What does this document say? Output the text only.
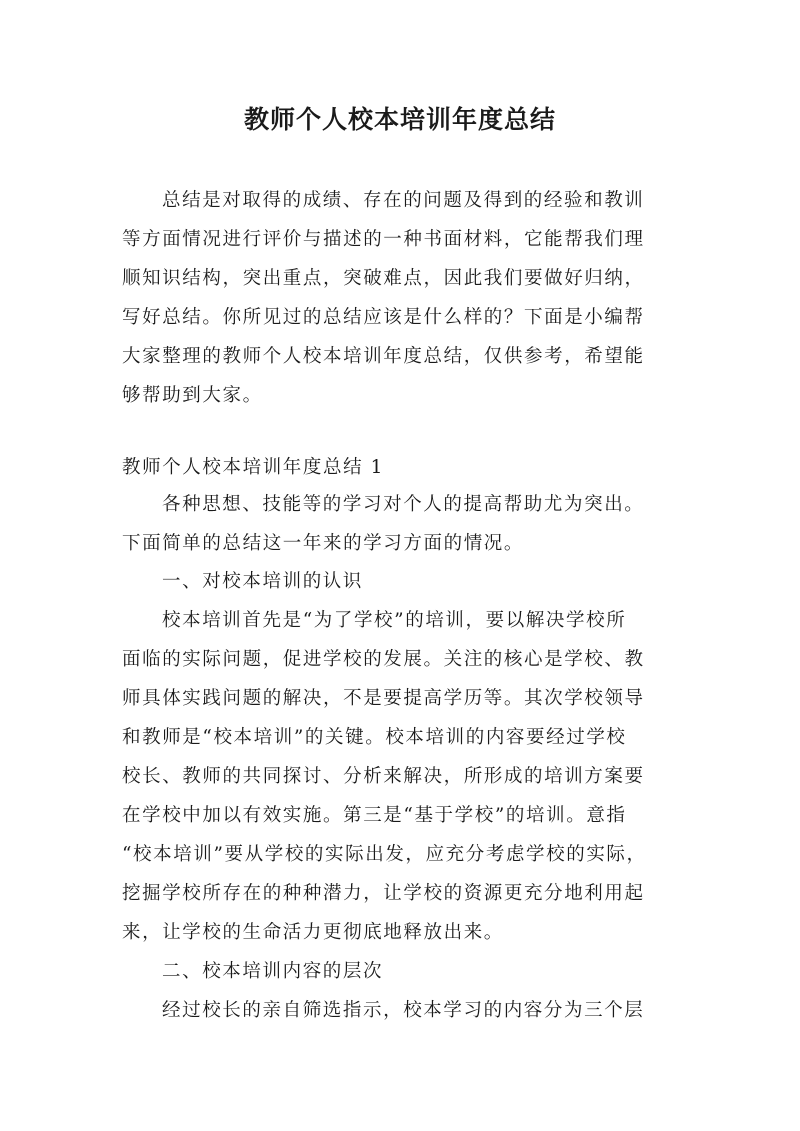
教师个人校本培训年度总结

总结是对取得的成绩、存在的问题及得到的经验和教训

等方面情况进行评价与描述的一种书面材料，它能帮我们理

顺知识结构，突出重点，突破难点，因此我们要做好归纳，

写好总结。你所见过的总结应该是什么样的？下面是小编帮

大家整理的教师个人校本培训年度总结，仅供参考，希望能

够帮助到大家。

教师个人校本培训年度总结 1

各种思想、技能等的学习对个人的提高帮助尤为突出。

下面简单的总结这一年来的学习方面的情况。

一、对校本培训的认识

校本培训首先是“为了学校”的培训，要以解决学校所

面临的实际问题，促进学校的发展。关注的核心是学校、教

师具体实践问题的解决，不是要提高学历等。其次学校领导

和教师是“校本培训”的关键。校本培训的内容要经过学校

校长、教师的共同探讨、分析来解决，所形成的培训方案要

在学校中加以有效实施。第三是“基于学校”的培训。意指

“校本培训”要从学校的实际出发，应充分考虑学校的实际，

挖掘学校所存在的种种潜力，让学校的资源更充分地利用起

来，让学校的生命活力更彻底地释放出来。

二、校本培训内容的层次

经过校长的亲自筛选指示，校本学习的内容分为三个层
